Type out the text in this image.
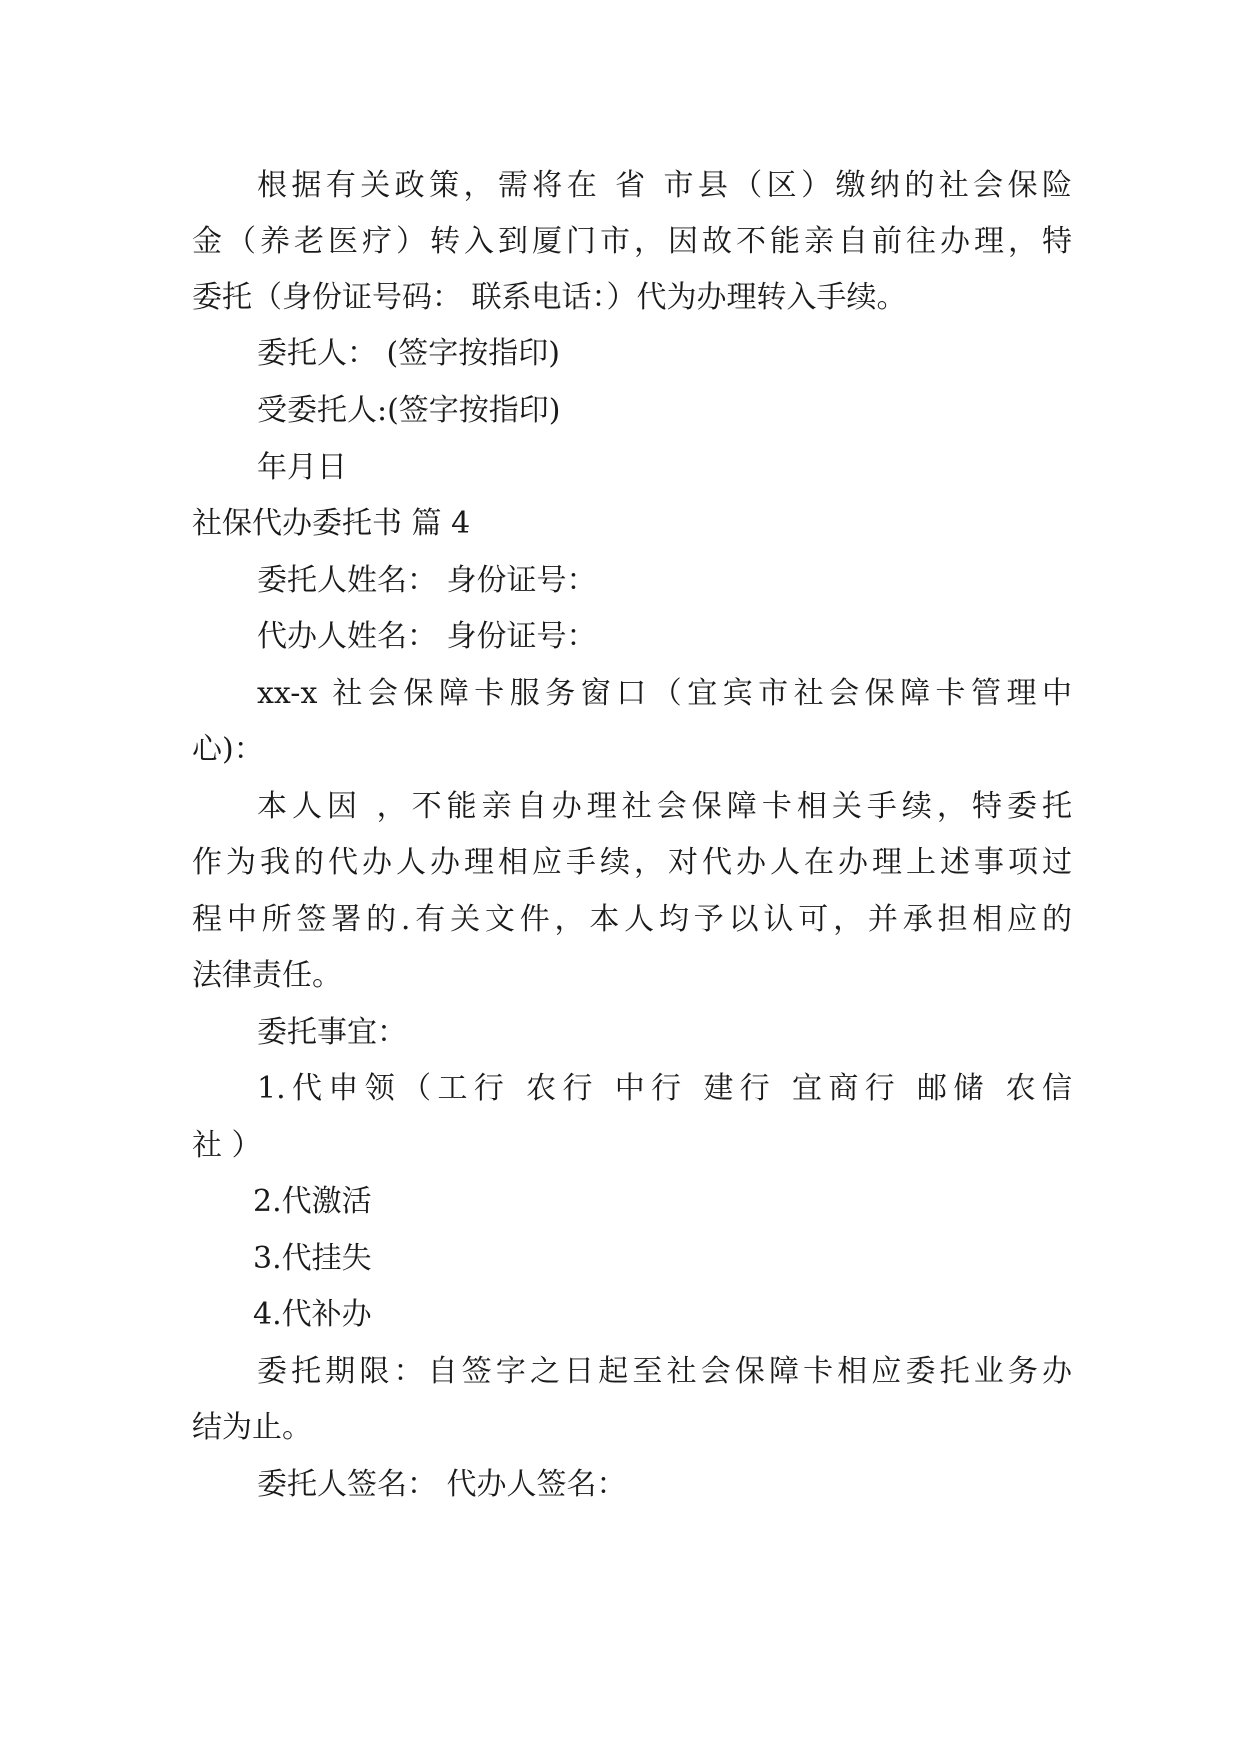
根据有关政策，需将在 省 市县（区）缴纳的社会保险
金（养老医疗）转入到厦门市，因故不能亲自前往办理，特
委托（身份证号码： 联系电话：）代为办理转入手续。
委托人： (签字按指印)
受委托人:(签字按指印)
年月日
社保代办委托书 篇 4
委托人姓名： 身份证号：
代办人姓名： 身份证号：
xx-x 社会保障卡服务窗口（宜宾市社会保障卡管理中
心)：
本人因 ，不能亲自办理社会保障卡相关手续，特委托
作为我的代办人办理相应手续，对代办人在办理上述事项过
程中所签署的.有关文件，本人均予以认可，并承担相应的
法律责任。
委托事宜：
1.代申领（工行 农行 中行 建行 宜商行 邮储 农信
社 ）
2.代激活
3.代挂失
4.代补办
委托期限：自签字之日起至社会保障卡相应委托业务办
结为止。
委托人签名： 代办人签名：
